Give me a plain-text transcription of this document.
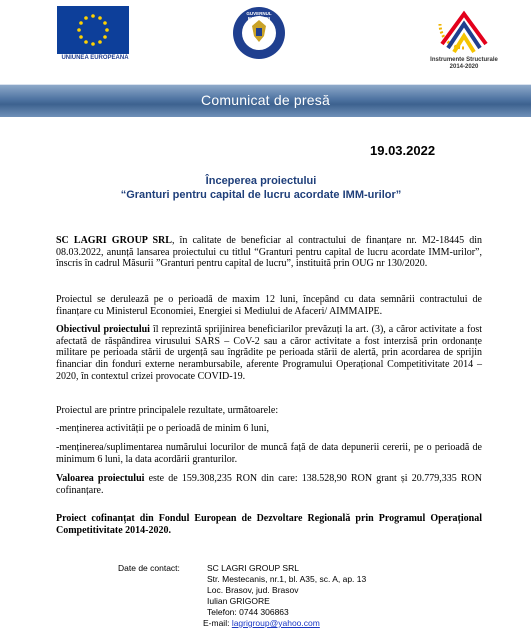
UNIUNEA EUROPEANĂ
GUVERNUL ROMÂNIEI
Instrumente Structurale
2014-2020
Comunicat de presă
19.03.2022
Începerea proiectului
“Granturi pentru capital de lucru acordate IMM-urilor”
SC LAGRI GROUP SRL, în calitate de beneficiar al contractului de finanțare nr. M2-18445 din 08.03.2022, anunță lansarea proiectului cu titlul “Granturi pentru capital de lucru acordate IMM-urilor”, înscris în cadrul Măsurii ”Granturi pentru capital de lucru”, instituită prin OUG nr 130/2020.
Proiectul se derulează pe o perioadă de maxim 12 luni, începând cu data semnării contractului de finanțare cu Ministerul Economiei, Energiei si Mediului de Afaceri/ AIMMAIPE.
Obiectivul proiectului îl reprezintă sprijinirea beneficiarilor prevăzuți la art. (3), a căror activitate a fost afectată de răspândirea virusului SARS – CoV-2 sau a căror activitate a fost interzisă prin ordonanțe militare pe perioada stării de urgență sau îngrădite pe perioada stării de alertă, prin acordarea de sprijin financiar din fonduri externe nerambursabile, aferente Programului Operațional Competitivitate 2014 – 2020, în contextul crizei provocate COVID-19.
Proiectul are printre principalele rezultate, următoarele:
-menținerea activității pe o perioadă de minim 6 luni,
-menținerea/suplimentarea numărului locurilor de muncă față de data depunerii cererii, pe o perioadă de minimum 6 luni, la data acordării granturilor.
Valoarea proiectului este de 159.308,235 RON din care: 138.528,90 RON grant și 20.779,335 RON cofinanțare.
Proiect cofinanțat din Fondul European de Dezvoltare Regională prin Programul Operațional Competitivitate 2014-2020.
Date de contact:	SC LAGRI GROUP SRL
Str. Mestecanis, nr.1, bl. A35, sc. A, ap. 13
Loc. Brasov, jud. Brasov
Iulian GRIGORE
Telefon: 0744 306863
E-mail: lagrigroup@yahoo.com
